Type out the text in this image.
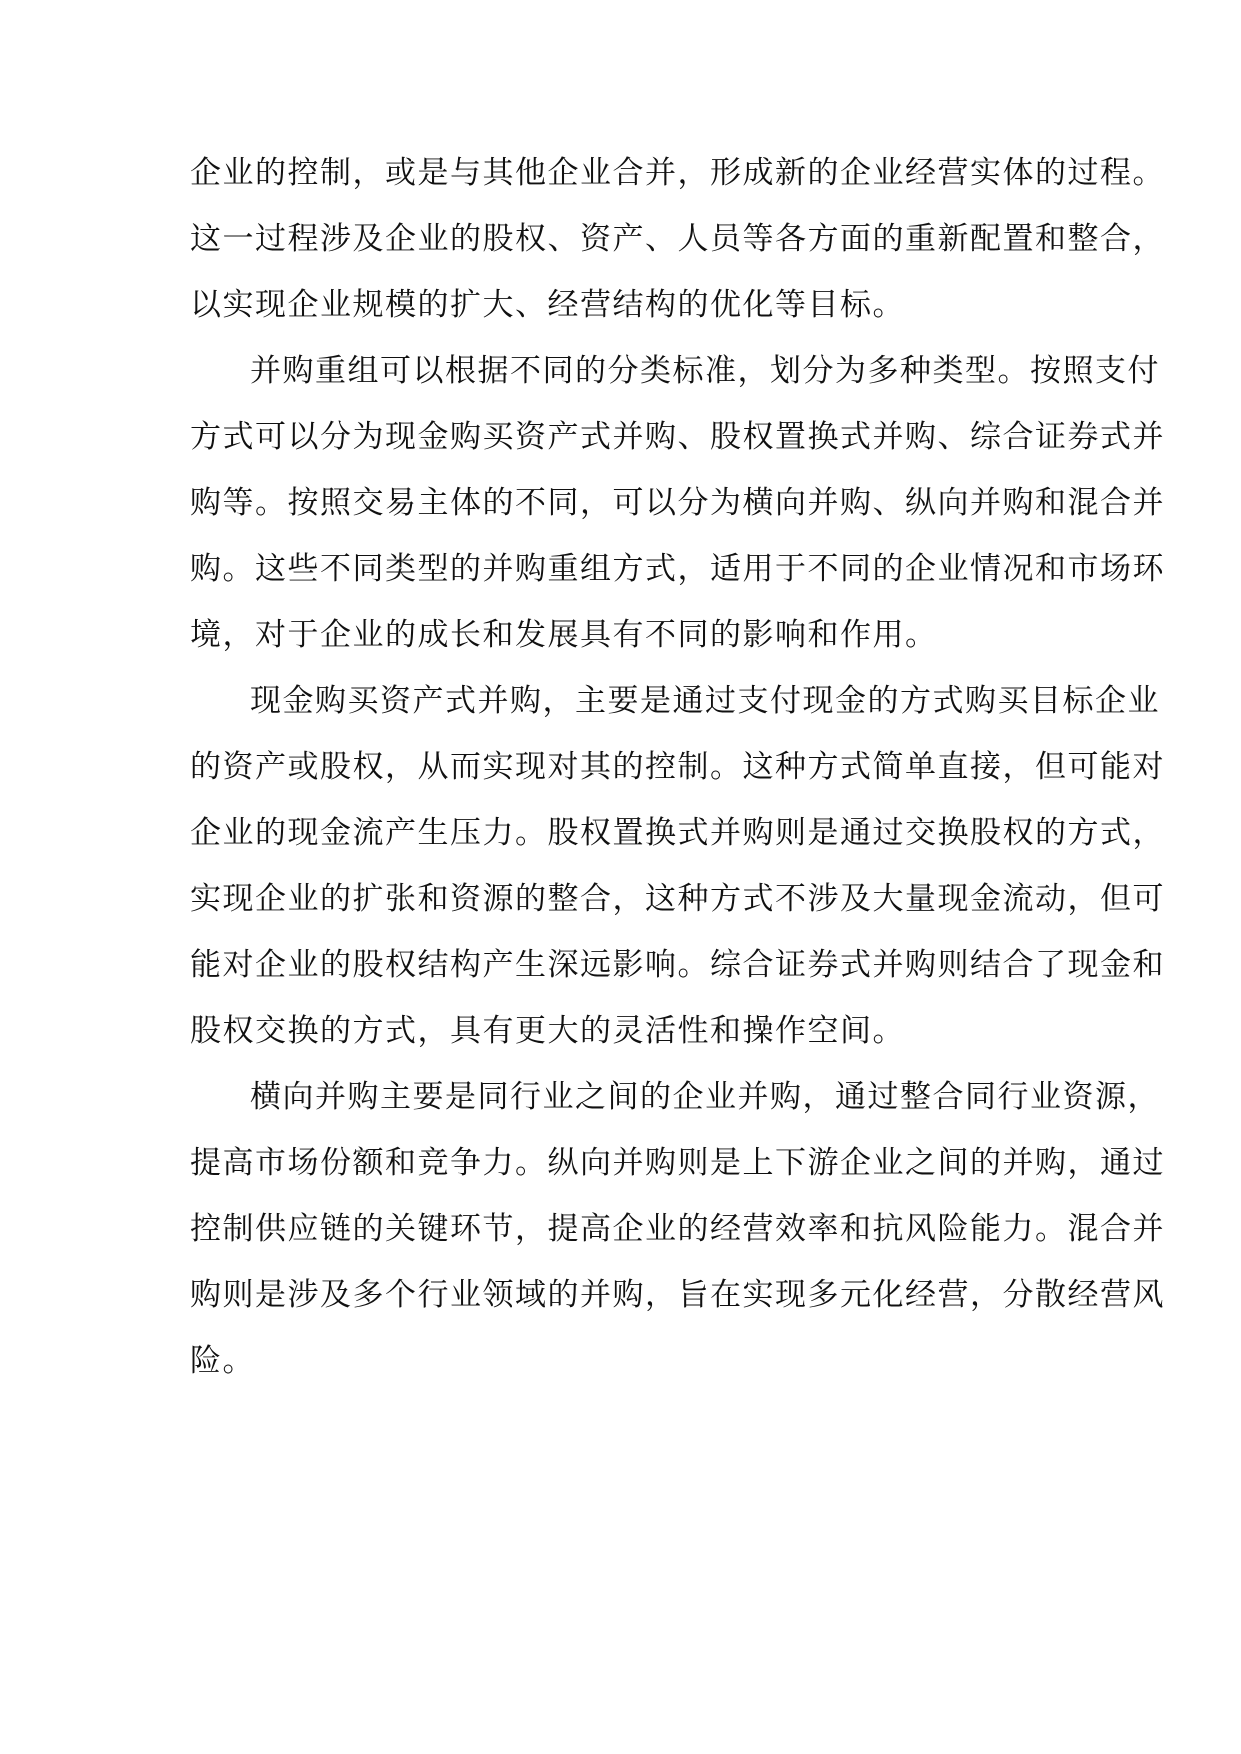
企业的控制，或是与其他企业合并，形成新的企业经营实体的过程。
这一过程涉及企业的股权、资产、人员等各方面的重新配置和整合，
以实现企业规模的扩大、经营结构的优化等目标。
并购重组可以根据不同的分类标准，划分为多种类型。按照支付
方式可以分为现金购买资产式并购、股权置换式并购、综合证券式并
购等。按照交易主体的不同，可以分为横向并购、纵向并购和混合并
购。这些不同类型的并购重组方式，适用于不同的企业情况和市场环
境，对于企业的成长和发展具有不同的影响和作用。
现金购买资产式并购，主要是通过支付现金的方式购买目标企业
的资产或股权，从而实现对其的控制。这种方式简单直接，但可能对
企业的现金流产生压力。股权置换式并购则是通过交换股权的方式，
实现企业的扩张和资源的整合，这种方式不涉及大量现金流动，但可
能对企业的股权结构产生深远影响。综合证券式并购则结合了现金和
股权交换的方式，具有更大的灵活性和操作空间。
横向并购主要是同行业之间的企业并购，通过整合同行业资源，
提高市场份额和竞争力。纵向并购则是上下游企业之间的并购，通过
控制供应链的关键环节，提高企业的经营效率和抗风险能力。混合并
购则是涉及多个行业领域的并购，旨在实现多元化经营，分散经营风
险。
